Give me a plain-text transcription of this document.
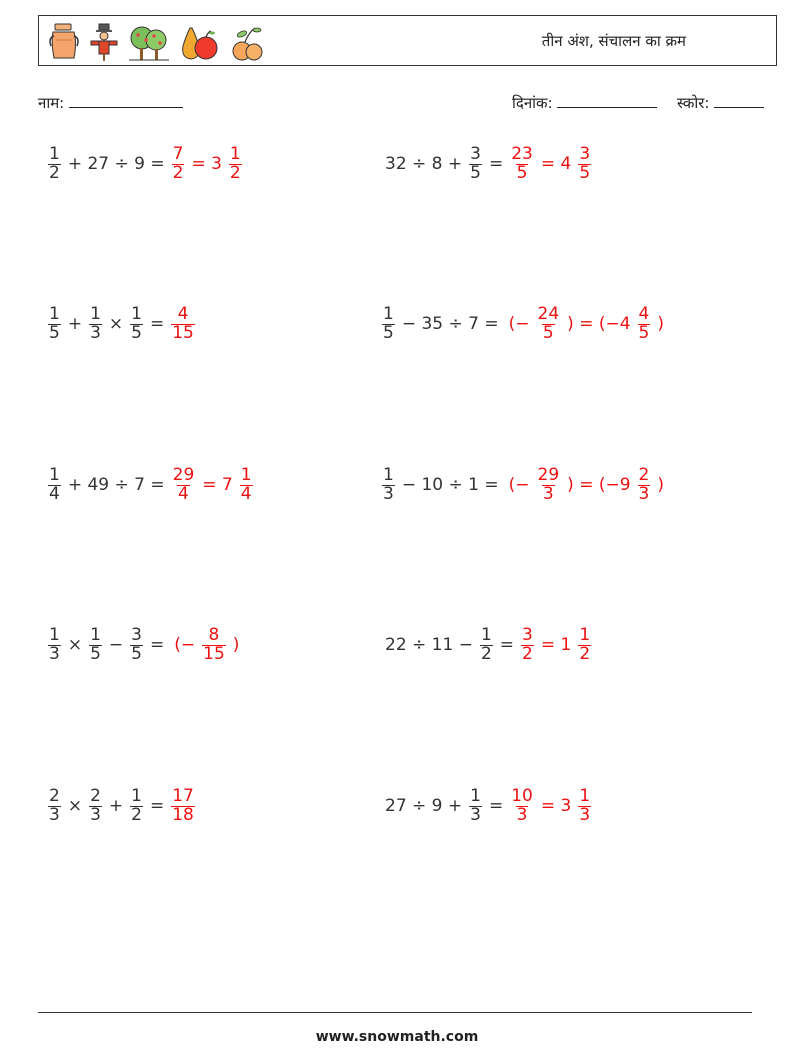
तीन अंश, संचालन का क्रम
नाम:	दिनांक:	स्कोर:
$\frac{1}{2} + 27 \div 9 = \frac{7}{2} = 3 \frac{1}{2}$	$32 \div 8 + \frac{3}{5} = \frac{23}{5} = 4 \frac{3}{5}$
$\frac{1}{5} + \frac{1}{3} \times \frac{1}{5} = \frac{4}{15}$	$\frac{1}{5} - 35 \div 7$ = (− $\frac{24}{5}$ ) = ($-4 \frac{4}{5}$ )
$\frac{1}{4} + 49 \div 7 = \frac{29}{4} = 7 \frac{1}{4}$	$\frac{1}{3} - 10 \div 1$ = (− $\frac{29}{3}$ ) = ($-9 \frac{2}{3}$ )
$\frac{1}{3} \times \frac{1}{5} - \frac{3}{5}$ = (− $\frac{8}{15}$ )	$22 \div 11 - \frac{1}{2} = \frac{3}{2} = 1 \frac{1}{2}$
$\frac{2}{3} \times \frac{2}{3} + \frac{1}{2} = \frac{17}{18}$	$27 \div 9 + \frac{1}{3} = \frac{10}{3} = 3 \frac{1}{3}$
www.snowmath.com
